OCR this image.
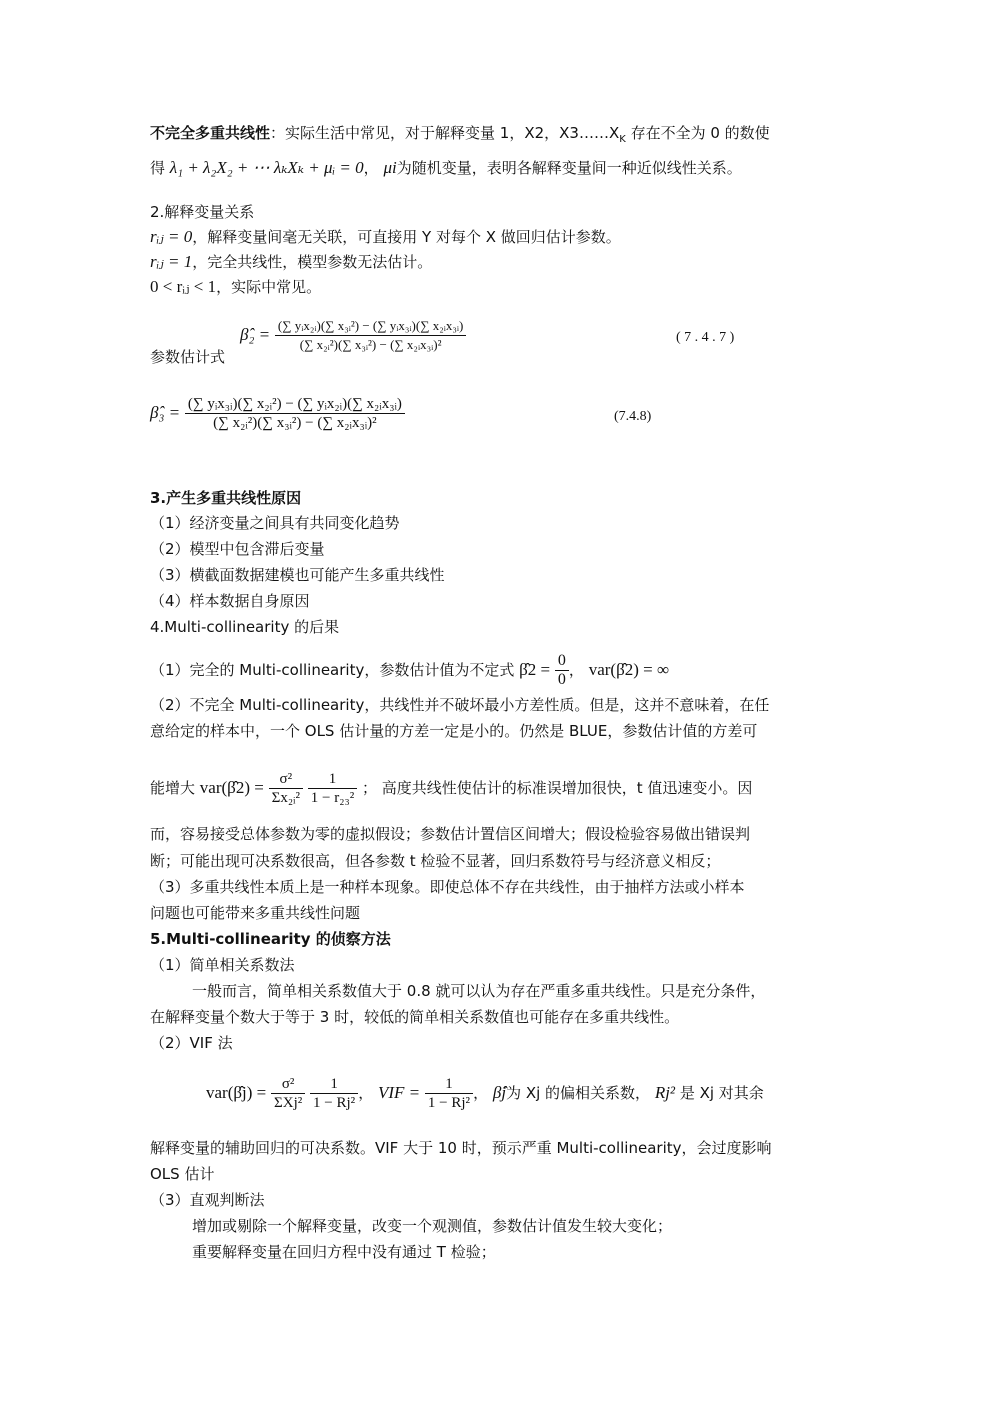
不完全多重共线性：实际生活中常见，对于解释变量 1，X2，$X3\dots\dots X_K$ 存在不全为 0 的数使
得 λ₁ + λ₂X₂ + ⋯ λₖXₖ + μᵢ = 0， μi为随机变量，表明各解释变量间一种近似线性关系。
2.解释变量关系
rᵢⱼ = 0，解释变量间毫无关联，可直接用 Y 对每个 X 做回归估计参数。
rᵢⱼ = 1，完全共线性，模型参数无法估计。
0 < rᵢⱼ < 1，实际中常见。
参数估计式
β̂₂ = $\frac{\text{(∑ yᵢx₂ᵢ)(∑ x₃ᵢ²) − (∑ yᵢx₃ᵢ)(∑ x₂ᵢx₃ᵢ)}}{\text{(∑ x₂ᵢ²)(∑ x₃ᵢ²) − (∑ x₂ᵢx₃ᵢ)²}}$	( 7 . 4 . 7 )
β̂₃ = $\frac{\text{(∑ yᵢx₃ᵢ)(∑ x₂ᵢ²) − (∑ yᵢx₂ᵢ)(∑ x₂ᵢx₃ᵢ)}}{\text{(∑ x₂ᵢ²)(∑ x₃ᵢ²) − (∑ x₂ᵢx₃ᵢ)²}}$	(7.4.8)
3.产生多重共线性原因
（1）经济变量之间具有共同变化趋势
（2）模型中包含滞后变量
（3）横截面数据建模也可能产生多重共线性
（4）样本数据自身原因
4.Multi-collinearity 的后果
（1）完全的 Multi-collinearity，参数估计值为不定式 β̂2 = $\frac{0}{0}$ ， var(β̂2) = ∞
（2）不完全 Multi-collinearity，共线性并不破坏最小方差性质。但是，这并不意味着，在任
意给定的样本中，一个 OLS 估计量的方差一定是小的。仍然是 BLUE，参数估计值的方差可
能增大 var(β̂2) = $\frac{\text{σ²}}{\text{Σx₂ᵢ²}}$
$\frac{1}{\text{1 − r₂₃²}}$ ； 高度共线性使估计的标准误增加很快，t 值迅速变小。因
而，容易接受总体参数为零的虚拟假设；参数估计置信区间增大；假设检验容易做出错误判
断；可能出现可决系数很高，但各参数 t 检验不显著，回归系数符号与经济意义相反；
（3）多重共线性本质上是一种样本现象。即使总体不存在共线性，由于抽样方法或小样本
问题也可能带来多重共线性问题
5.Multi-collinearity 的侦察方法
（1）简单相关系数法
一般而言，简单相关系数值大于 0.8 就可以认为存在严重多重共线性。只是充分条件，
在解释变量个数大于等于 3 时，较低的简单相关系数值也可能存在多重共线性。
（2）VIF 法
var(β̂j) = $\frac{\text{σ²}}{\text{ΣXj²}}$
$\frac{1}{\text{1 − Rj²}}$ ， VIF = $\frac{1}{\text{1 − Rj²}}$ ， β̂j为 Xj 的偏相关系数， Rj² 是 Xj 对其余
解释变量的辅助回归的可决系数。VIF 大于 10 时，预示严重 Multi-collinearity，会过度影响
OLS 估计
（3）直观判断法
增加或剔除一个解释变量，改变一个观测值，参数估计值发生较大变化；
重要解释变量在回归方程中没有通过 T 检验；
